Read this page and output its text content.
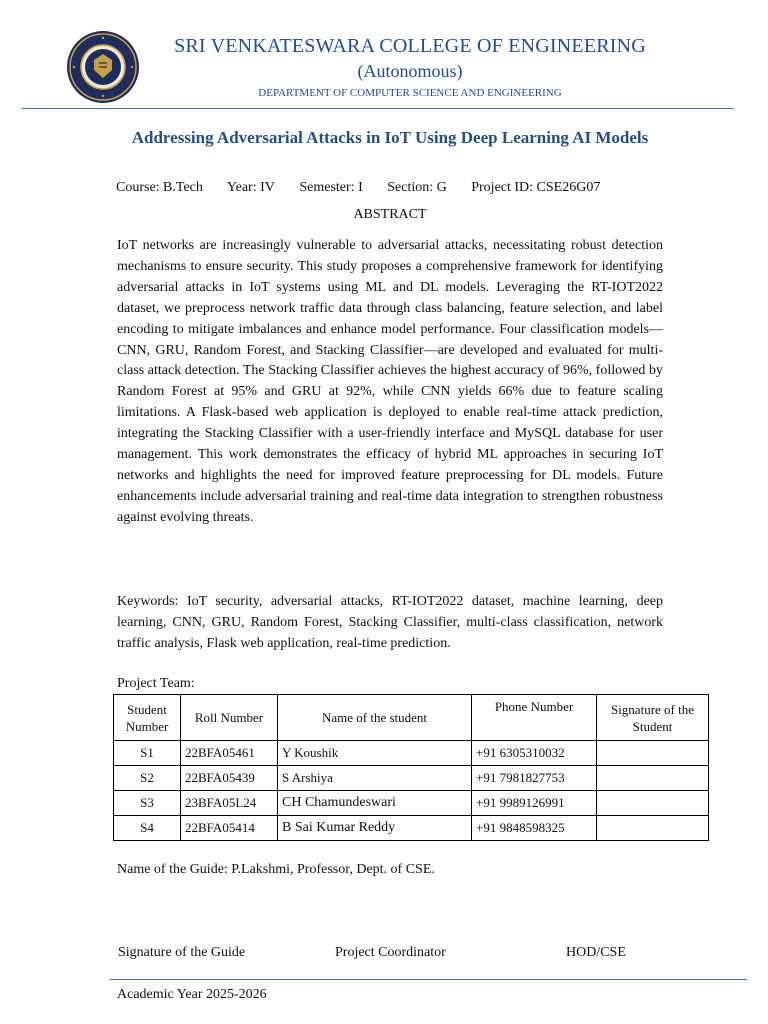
SRI VENKATESWARA COLLEGE OF ENGINEERING
(Autonomous)
DEPARTMENT OF COMPUTER SCIENCE AND ENGINEERING
Addressing Adversarial Attacks in IoT Using Deep Learning AI Models
Course: B.Tech Year: IV Semester: I Section: G Project ID: CSE26G07
ABSTRACT

IoT networks are increasingly vulnerable to adversarial attacks, necessitating robust detection mechanisms to ensure security. This study proposes a comprehensive framework for identifying adversarial attacks in IoT systems using ML and DL models. Leveraging the RT-IOT2022 dataset, we preprocess network traffic data through class balancing, feature selection, and label encoding to mitigate imbalances and enhance model performance. Four classification models—CNN, GRU, Random Forest, and Stacking Classifier—are developed and evaluated for multi-class attack detection. The Stacking Classifier achieves the highest accuracy of 96%, followed by Random Forest at 95% and GRU at 92%, while CNN yields 66% due to feature scaling limitations. A Flask-based web application is deployed to enable real-time attack prediction, integrating the Stacking Classifier with a user-friendly interface and MySQL database for user management. This work demonstrates the efficacy of hybrid ML approaches in securing IoT networks and highlights the need for improved feature preprocessing for DL models. Future enhancements include adversarial training and real-time data integration to strengthen robustness against evolving threats.

Keywords: IoT security, adversarial attacks, RT-IOT2022 dataset, machine learning, deep learning, CNN, GRU, Random Forest, Stacking Classifier, multi-class classification, network traffic analysis, Flask web application, real-time prediction.

Project Team:
Student Number	Roll Number	Name of the student	Phone Number	Signature of the Student
S1	22BFA05461	Y Koushik	+91 6305310032	
S2	22BFA05439	S Arshiya	+91 7981827753	
S3	23BFA05L24	CH Chamundeswari	+91 9989126991	
S4	22BFA05414	B Sai Kumar Reddy	+91 9848598325	
Name of the Guide: P.Lakshmi, Professor, Dept. of CSE.
Signature of the Guide	Project Coordinator	HOD/CSE
Academic Year 2025-2026
